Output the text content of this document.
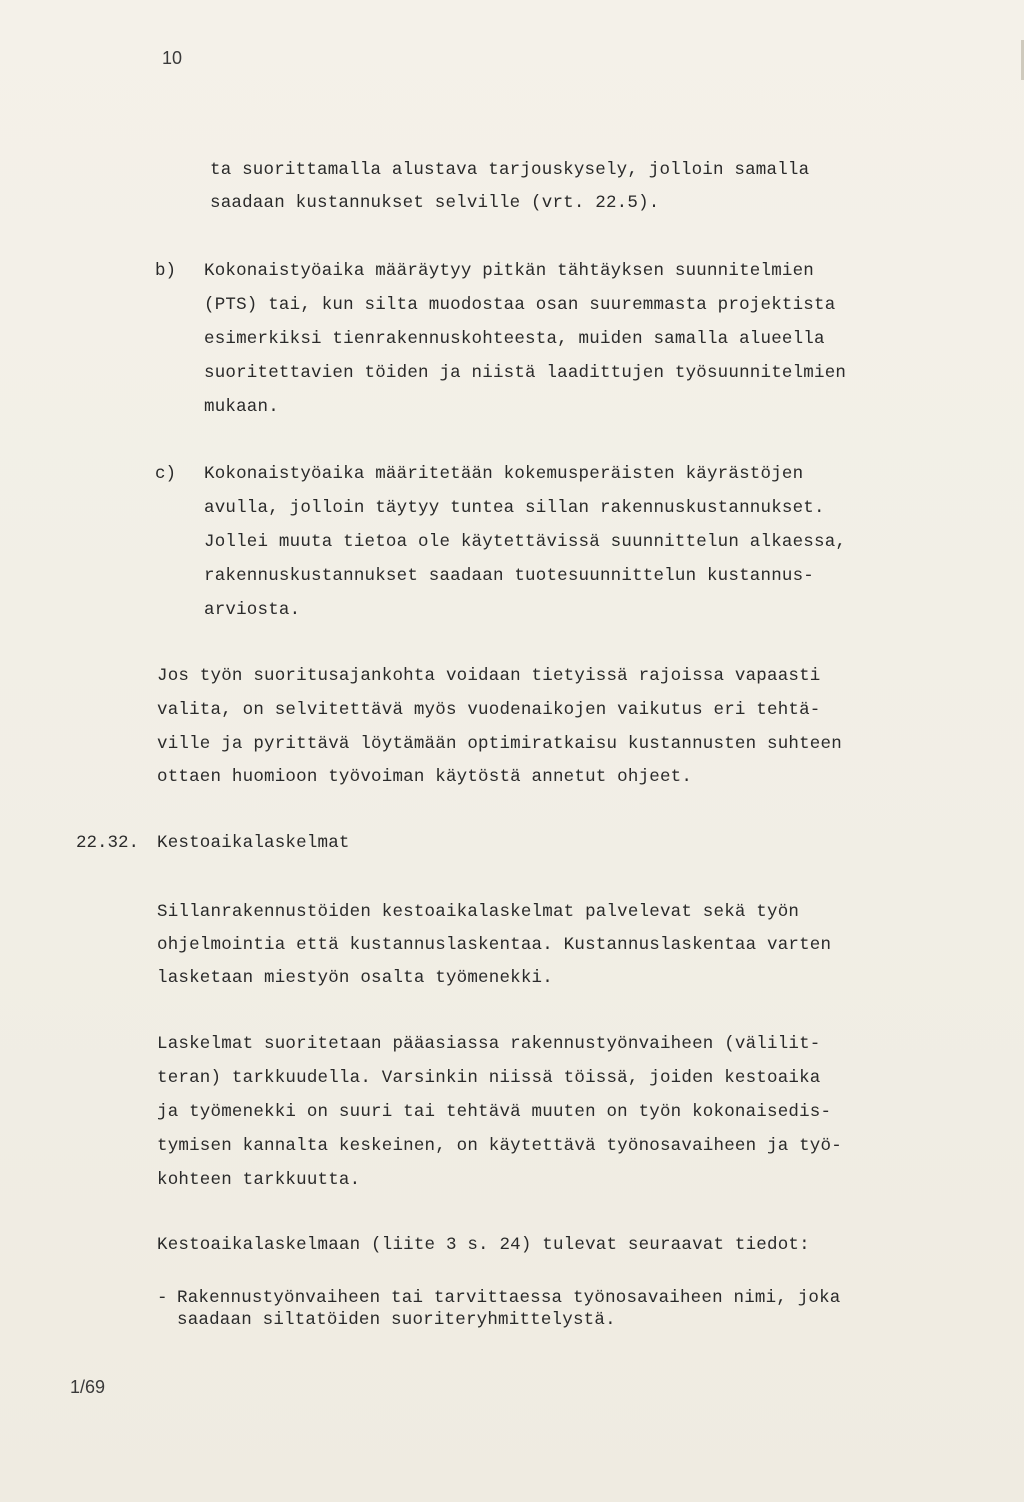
10
ta suorittamalla alustava tarjouskysely, jolloin samalla
saadaan kustannukset selville (vrt. 22.5).
b) Kokonaistyöaika määräytyy pitkän tähtäyksen suunnitelmien
(PTS) tai, kun silta muodostaa osan suuremmasta projektista
esimerkiksi tienrakennuskohteesta, muiden samalla alueella
suoritettavien töiden ja niistä laadittujen työsuunnitelmien
mukaan.
c) Kokonaistyöaika määritetään kokemusperäisten käyrästöjen
avulla, jolloin täytyy tuntea sillan rakennuskustannukset.
Jollei muuta tietoa ole käytettävissä suunnittelun alkaessa,
rakennuskustannukset saadaan tuotesuunnittelun kustannus-
arviosta.
Jos työn suoritusajankohta voidaan tietyissä rajoissa vapaasti
valita, on selvitettävä myös vuodenaikojen vaikutus eri tehtä-
ville ja pyrittävä löytämään optimiratkaisu kustannusten suhteen
ottaen huomioon työvoiman käytöstä annetut ohjeet.
22.32. Kestoaikalaskelmat
Sillanrakennustöiden kestoaikalaskelmat palvelevat sekä työn
ohjelmointia että kustannuslaskentaa. Kustannuslaskentaa varten
lasketaan miestyön osalta työmenekki.
Laskelmat suoritetaan pääasiassa rakennustyönvaiheen (välilit-
teran) tarkkuudella. Varsinkin niissä töissä, joiden kestoaika
ja työmenekki on suuri tai tehtävä muuten on työn kokonaisedis-
tymisen kannalta keskeinen, on käytettävä työnosavaiheen ja työ-
kohteen tarkkuutta.
Kestoaikalaskelmaan (liite 3 s. 24) tulevat seuraavat tiedot:
- Rakennustyönvaiheen tai tarvittaessa työnosavaiheen nimi, joka
saadaan siltatöiden suoriteryhmittelystä.
1/69
